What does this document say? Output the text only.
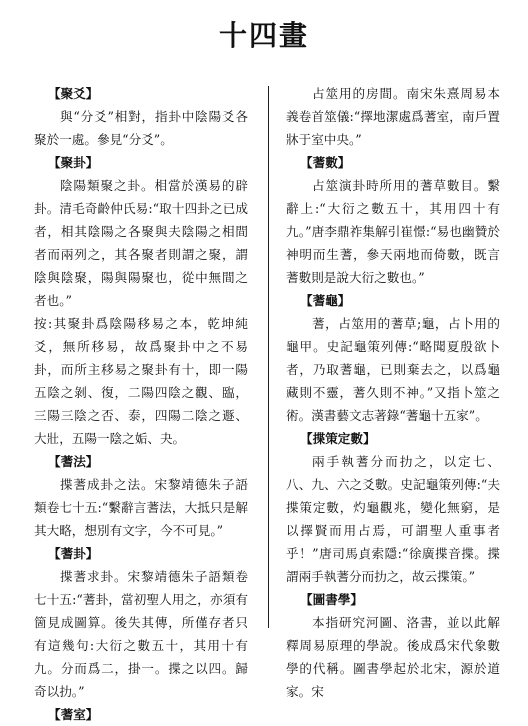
十四畫
【聚爻】
與“分爻”相對，指卦中陰陽爻各聚於一處。參見“分爻”。
【聚卦】
陰陽類聚之卦。相當於漢易的辟卦。清毛奇齡仲氏易:“取十四卦之已成者，相其陰陽之各聚與夫陰陽之相間者而兩列之，其各聚者則謂之聚，謂陰與陰聚，陽與陽聚也，從中無間之者也。”
按:其聚卦爲陰陽移易之本，乾坤純爻，無所移易，故爲聚卦中之不易卦，而所主移易之聚卦有十，即一陽五陰之剝、復，二陽四陰之觀、臨，三陽三陰之否、泰，四陽二陰之遯、大壯，五陽一陰之姤、夬。
【蓍法】
揲蓍成卦之法。宋黎靖德朱子語類卷七十五:“繫辭言蓍法，大抵只是解其大略，想別有文字，今不可見。”
【蓍卦】
揲蓍求卦。宋黎靖德朱子語類卷七十五:“蓍卦，當初聖人用之，亦須有箇見成圖算。後失其傳，所僅存者只有這幾句:大衍之數五十，其用十有九。分而爲二，掛一。揲之以四。歸奇以扐。”
【蓍室】
占筮用的房間。南宋朱熹周易本義卷首筮儀:“擇地潔處爲蓍室，南戶置牀于室中央。”
【蓍數】
占筮演卦時所用的蓍草數目。繫辭上:“大衍之數五十，其用四十有九。”唐李鼎祚集解引崔憬:“易也幽贊於神明而生蓍，參天兩地而倚數，既言蓍數則是說大衍之數也。”
【蓍龜】
蓍，占筮用的蓍草;龜，占卜用的龜甲。史記龜策列傳:“略聞夏殷欲卜者，乃取蓍龜，已則棄去之，以爲龜藏則不靈，蓍久則不神。”又指卜筮之術。漢書藝文志著錄“蓍龜十五家”。
【揲策定數】
兩手執蓍分而扐之，以定七、八、九、六之爻數。史記龜策列傳:“夫揲策定數，灼龜觀兆，變化無窮，是以擇賢而用占焉，可謂聖人重事者乎！”唐司馬貞索隱:“徐廣揲音揲。揲謂兩手執蓍分而扐之，故云揲策。”
【圖書學】
本指研究河圖、洛書，並以此解釋周易原理的學說。後成爲宋代象數學的代稱。圖書學起於北宋，源於道家。宋
